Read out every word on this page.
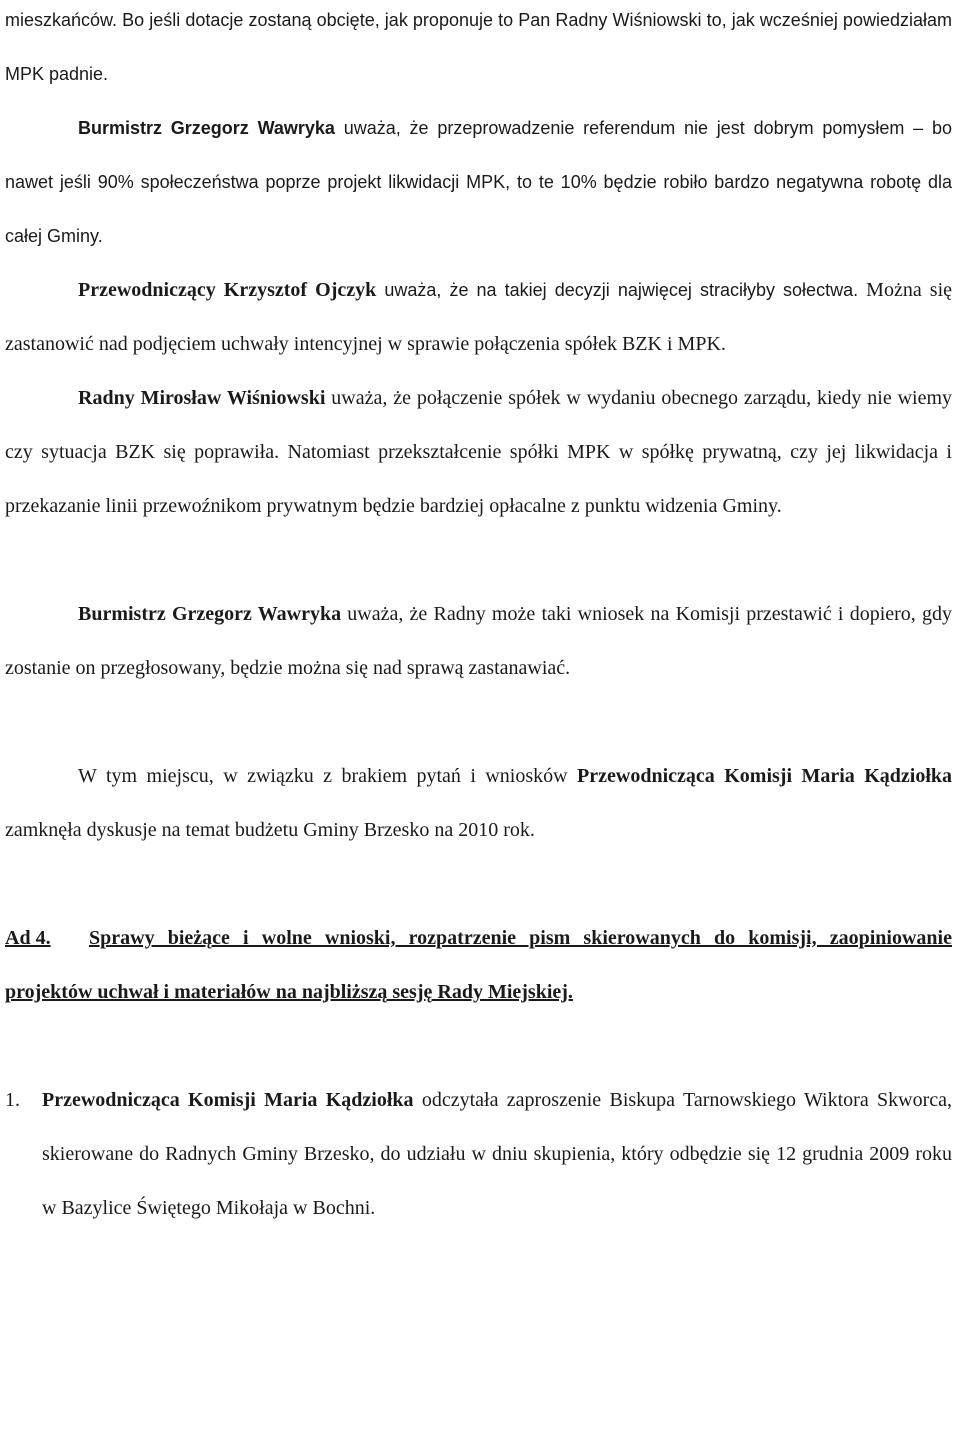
mieszkańców. Bo jeśli dotacje zostaną obcięte, jak proponuje to Pan Radny Wiśniowski to, jak wcześniej powiedziałam MPK padnie.

Burmistrz Grzegorz Wawryka uważa, że przeprowadzenie referendum nie jest dobrym pomysłem – bo nawet jeśli 90% społeczeństwa poprze projekt likwidacji MPK, to te 10% będzie robiło bardzo negatywna robotę dla całej Gminy.

Przewodniczący Krzysztof Ojczyk uważa, że na takiej decyzji najwięcej straciłyby sołectwa. Można się zastanowić nad podjęciem uchwały intencyjnej w sprawie połączenia spółek BZK i MPK.

Radny Mirosław Wiśniowski uważa, że połączenie spółek w wydaniu obecnego zarządu, kiedy nie wiemy czy sytuacja BZK się poprawiła. Natomiast przekształcenie spółki MPK w spółkę prywatną, czy jej likwidacja i przekazanie linii przewoźnikom prywatnym będzie bardziej opłacalne z punktu widzenia Gminy.

Burmistrz Grzegorz Wawryka uważa, że Radny może taki wniosek na Komisji przestawić i dopiero, gdy zostanie on przegłosowany, będzie można się nad sprawą zastanawiać.

W tym miejscu, w związku z brakiem pytań i wniosków Przewodnicząca Komisji Maria Kądziołka zamknęła dyskusje na temat budżetu Gminy Brzesko na 2010 rok.

Ad 4. Sprawy bieżące i wolne wnioski, rozpatrzenie pism skierowanych do komisji, zaopiniowanie projektów uchwał i materiałów na najbliższą sesję Rady Miejskiej.

1. Przewodnicząca Komisji Maria Kądziołka odczytała zaproszenie Biskupa Tarnowskiego Wiktora Skworca, skierowane do Radnych Gminy Brzesko, do udziału w dniu skupienia, który odbędzie się 12 grudnia 2009 roku w Bazylice Świętego Mikołaja w Bochni.
